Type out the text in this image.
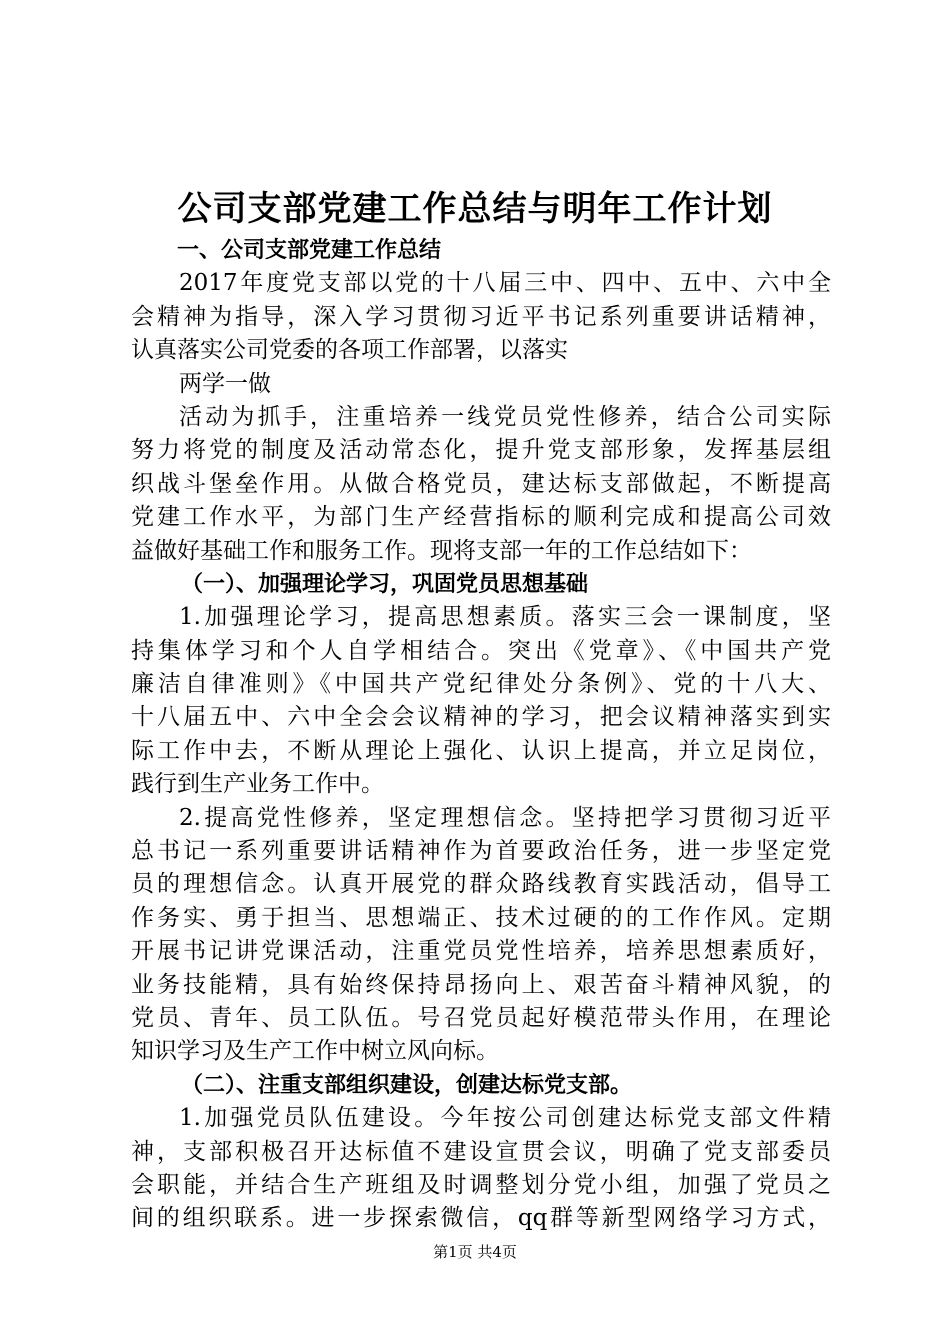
公司支部党建工作总结与明年工作计划
一、公司支部党建工作总结
2017年度党支部以党的十八届三中、四中、五中、六中全
会精神为指导，深入学习贯彻习近平书记系列重要讲话精神，
认真落实公司党委的各项工作部署，以落实
两学一做
活动为抓手，注重培养一线党员党性修养，结合公司实际
努力将党的制度及活动常态化，提升党支部形象，发挥基层组
织战斗堡垒作用。从做合格党员，建达标支部做起，不断提高
党建工作水平，为部门生产经营指标的顺利完成和提高公司效
益做好基础工作和服务工作。现将支部一年的工作总结如下：
（一）、加强理论学习，巩固党员思想基础
1.加强理论学习，提高思想素质。落实三会一课制度，坚
持集体学习和个人自学相结合。突出《党章》、《中国共产党
廉洁自律准则》《中国共产党纪律处分条例》、党的十八大、
十八届五中、六中全会会议精神的学习，把会议精神落实到实
际工作中去，不断从理论上强化、认识上提高，并立足岗位，
践行到生产业务工作中。
2.提高党性修养，坚定理想信念。坚持把学习贯彻习近平
总书记一系列重要讲话精神作为首要政治任务，进一步坚定党
员的理想信念。认真开展党的群众路线教育实践活动，倡导工
作务实、勇于担当、思想端正、技术过硬的的工作作风。定期
开展书记讲党课活动，注重党员党性培养，培养思想素质好，
业务技能精，具有始终保持昂扬向上、艰苦奋斗精神风貌，的
党员、青年、员工队伍。号召党员起好模范带头作用，在理论
知识学习及生产工作中树立风向标。
（二）、注重支部组织建设，创建达标党支部。
1.加强党员队伍建设。今年按公司创建达标党支部文件精
神，支部积极召开达标值不建设宣贯会议，明确了党支部委员
会职能，并结合生产班组及时调整划分党小组，加强了党员之
间的组织联系。进一步探索微信，qq群等新型网络学习方式，
第1页 共4页
